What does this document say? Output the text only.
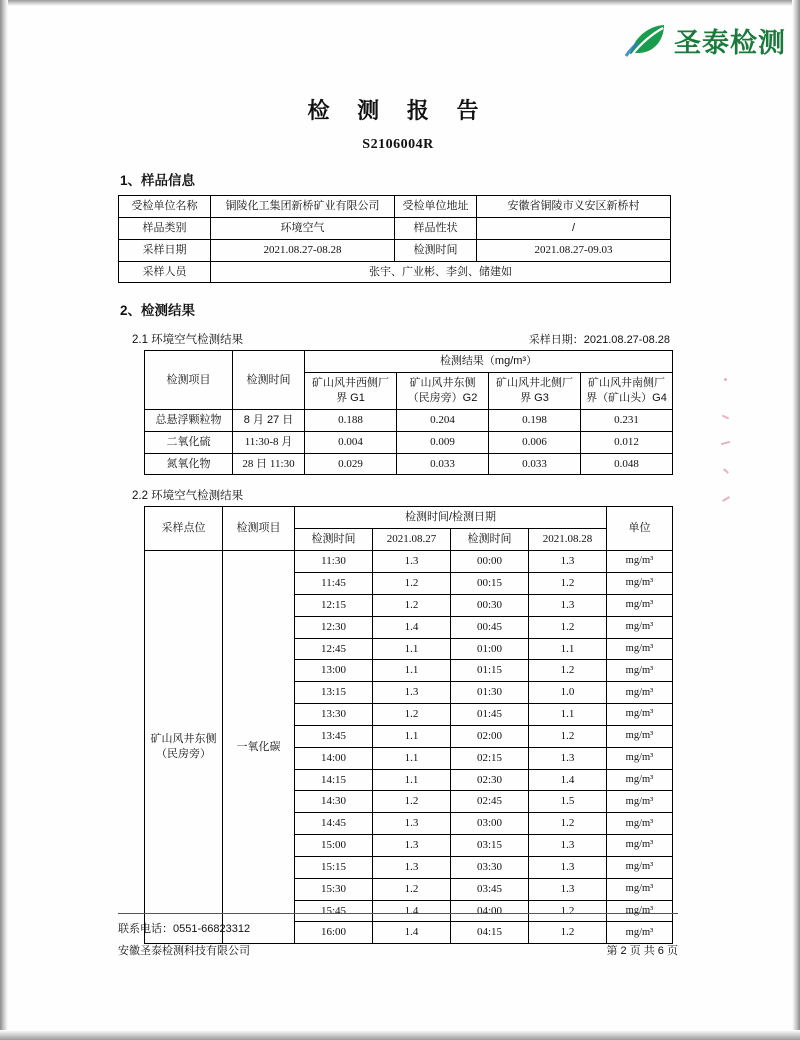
圣泰检测
检 测 报 告
S2106004R
1、样品信息
受检单位名称	铜陵化工集团新桥矿业有限公司	受检单位地址	安徽省铜陵市义安区新桥村
样品类别	环境空气	样品性状	/
采样日期	2021.08.27-08.28	检测时间	2021.08.27-09.03
采样人员	张宇、广业彬、李剑、储建如		
2、检测结果
2.1 环境空气检测结果	采样日期：2021.08.27-08.28
检测项目	检测时间	检测结果（mg/m³）			
		矿山风井西侧厂界 G1	矿山风井东侧（民房旁）G2	矿山风井北侧厂界 G3	矿山风井南侧厂界（矿山头）G4
总悬浮颗粒物	8 月 27 日	0.188	0.204	0.198	0.231
二氧化硫	11:30-8 月	0.004	0.009	0.006	0.012
氮氧化物	28 日 11:30	0.029	0.033	0.033	0.048
2.2 环境空气检测结果
采样点位	检测项目	检测时间/检测日期				单位
		检测时间	2021.08.27	检测时间	2021.08.28	
矿山风井东侧（民房旁）	一氧化碳	11:30	1.3	00:00	1.3	mg/m³
		11:45	1.2	00:15	1.2	mg/m³
		12:15	1.2	00:30	1.3	mg/m³
		12:30	1.4	00:45	1.2	mg/m³
		12:45	1.1	01:00	1.1	mg/m³
		13:00	1.1	01:15	1.2	mg/m³
		13:15	1.3	01:30	1.0	mg/m³
		13:30	1.2	01:45	1.1	mg/m³
		13:45	1.1	02:00	1.2	mg/m³
		14:00	1.1	02:15	1.3	mg/m³
		14:15	1.1	02:30	1.4	mg/m³
		14:30	1.2	02:45	1.5	mg/m³
		14:45	1.3	03:00	1.2	mg/m³
		15:00	1.3	03:15	1.3	mg/m³
		15:15	1.3	03:30	1.3	mg/m³
		15:30	1.2	03:45	1.3	mg/m³
		15:45	1.4	04:00	1.2	mg/m³
		16:00	1.4	04:15	1.2	mg/m³
联系电话：0551-66823312
安徽圣泰检测科技有限公司	第 2 页 共 6 页
